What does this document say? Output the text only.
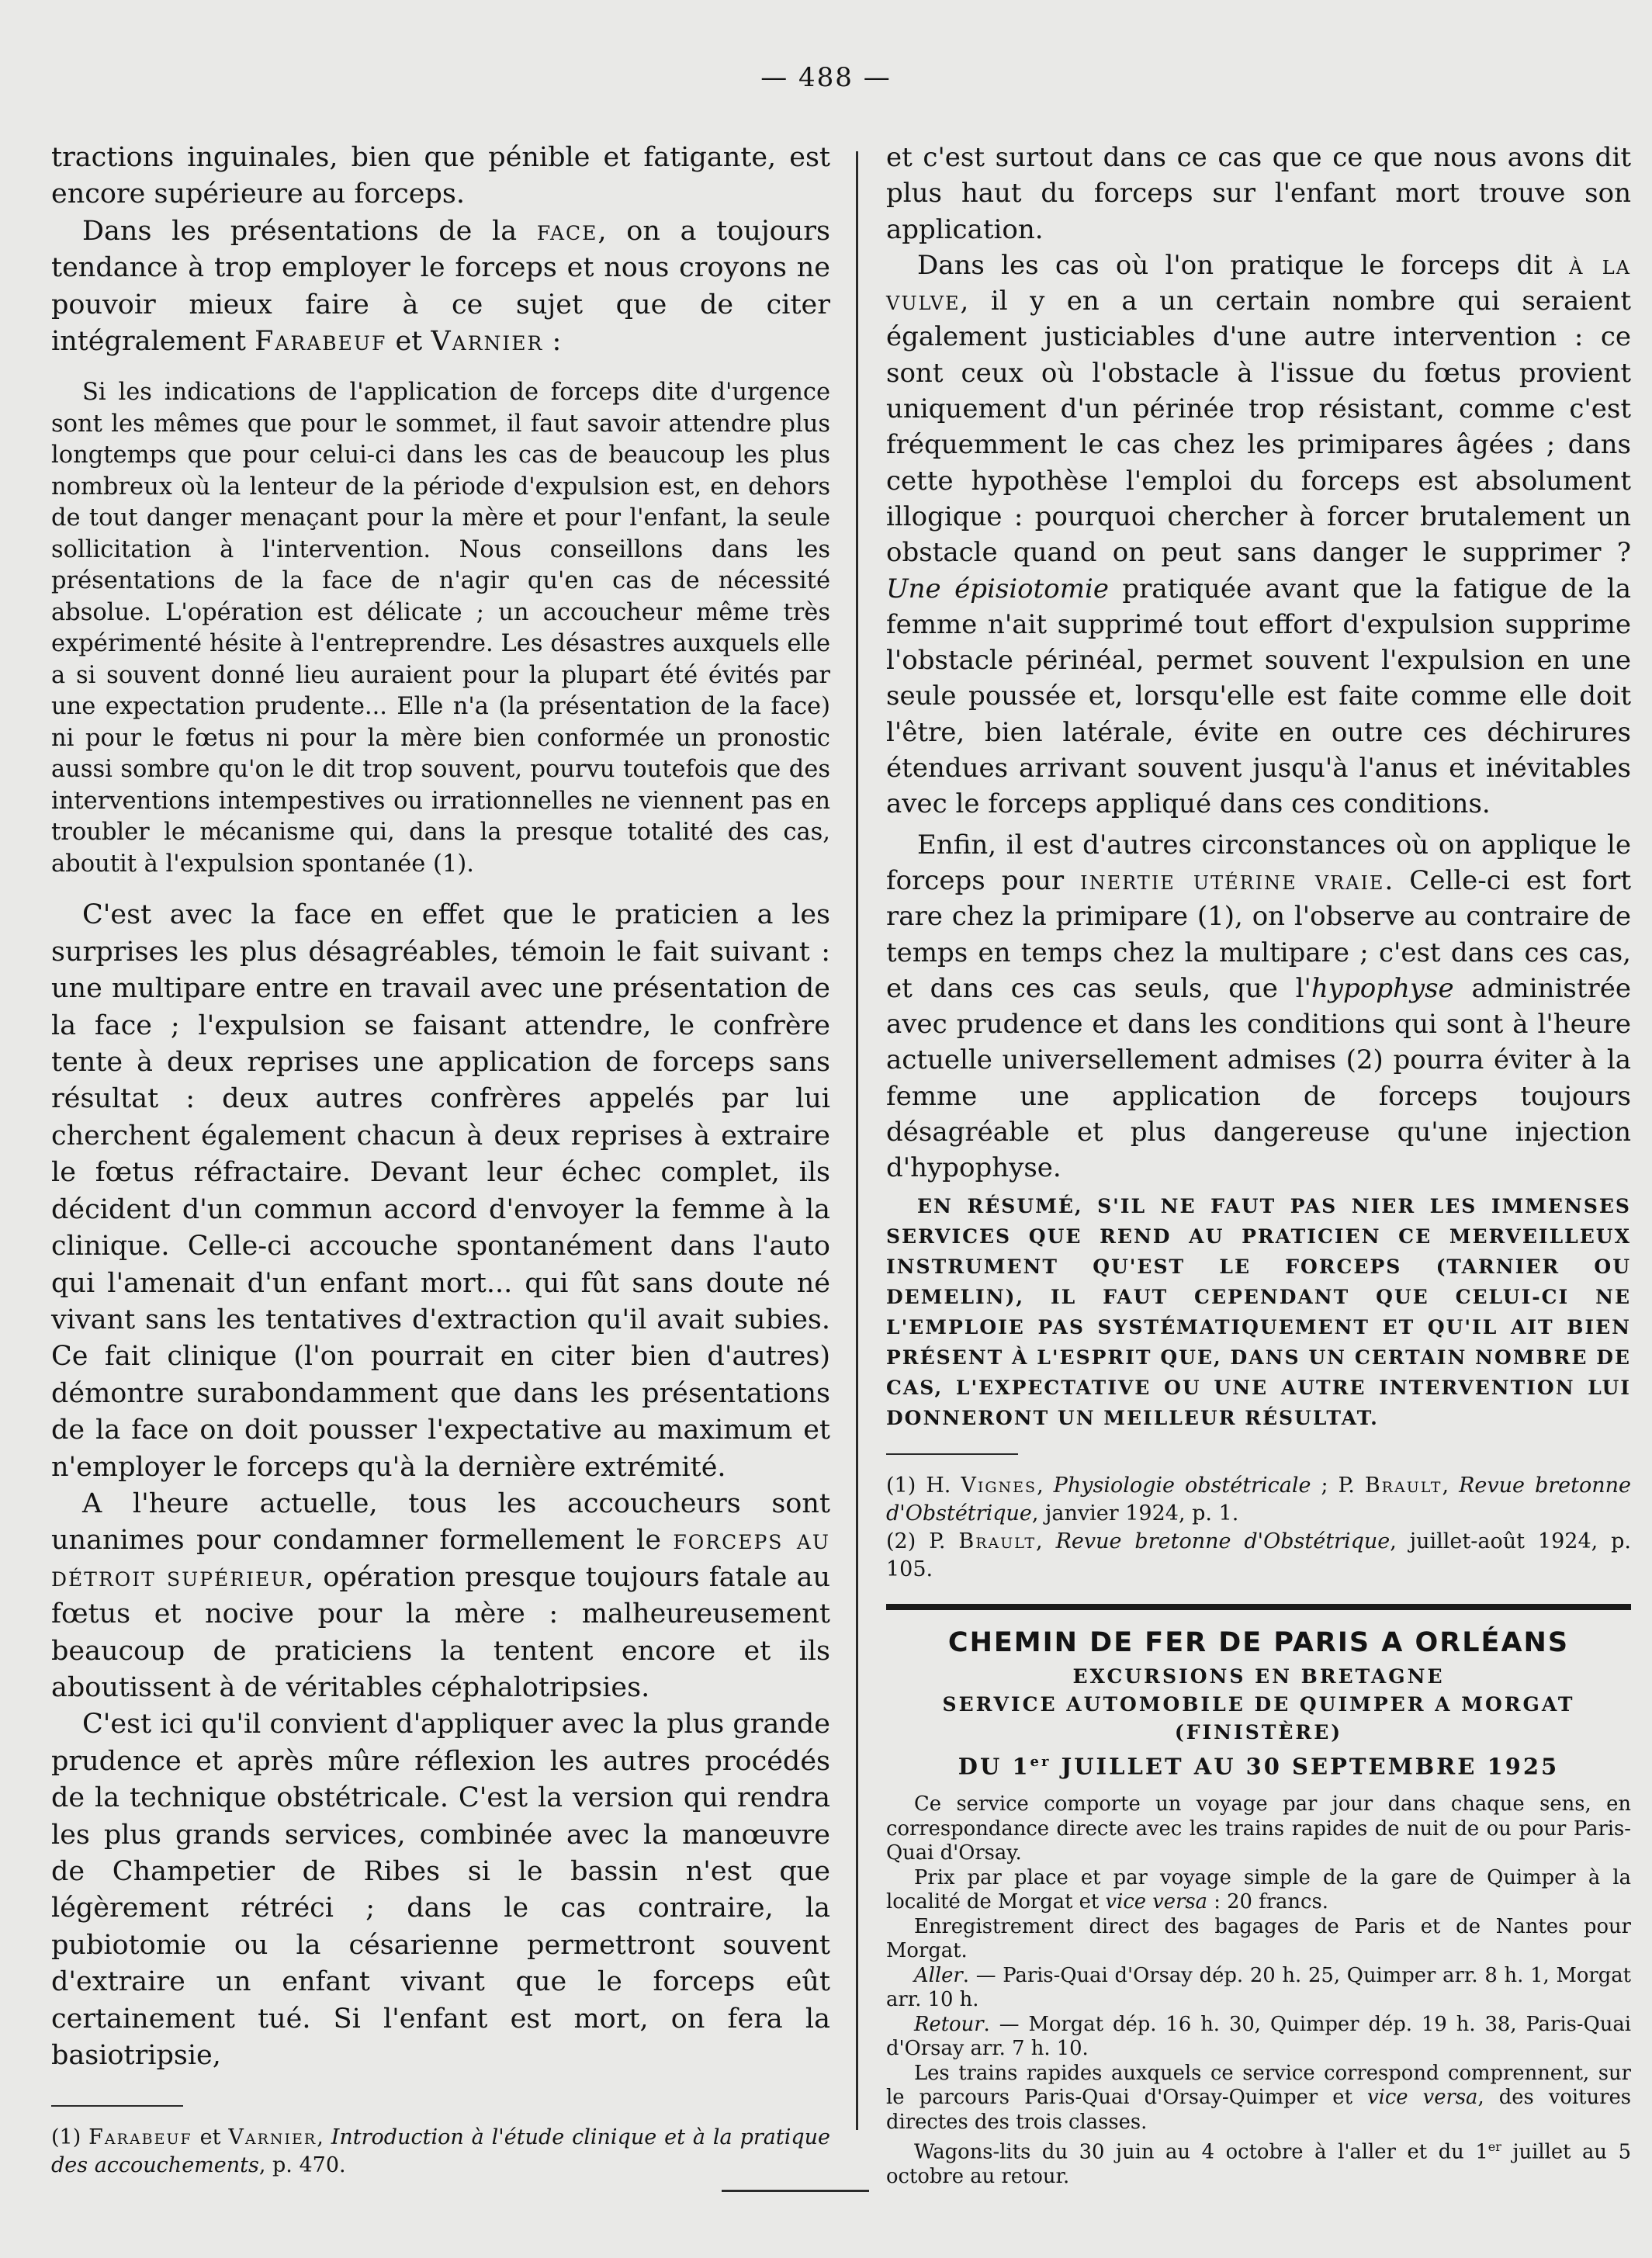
— 488 —

tractions inguinales, bien que pénible et fatigante, est encore supérieure au forceps.

Dans les présentations de la face, on a toujours tendance à trop employer le forceps et nous croyons ne pouvoir mieux faire à ce sujet que de citer intégralement Farabeuf et Varnier :

Si les indications de l'application de forceps dite d'urgence sont les mêmes que pour le sommet, il faut savoir attendre plus longtemps que pour celui-ci dans les cas de beaucoup les plus nombreux où la lenteur de la période d'expulsion est, en dehors de tout danger menaçant pour la mère et pour l'enfant, la seule sollicitation à l'intervention. Nous conseillons dans les présentations de la face de n'agir qu'en cas de nécessité absolue. L'opération est délicate ; un accoucheur même très expérimenté hésite à l'entreprendre. Les désastres auxquels elle a si souvent donné lieu auraient pour la plupart été évités par une expectation prudente... Elle n'a (la présentation de la face) ni pour le fœtus ni pour la mère bien conformée un pronostic aussi sombre qu'on le dit trop souvent, pourvu toutefois que des interventions intempestives ou irrationnelles ne viennent pas en troubler le mécanisme qui, dans la presque totalité des cas, aboutit à l'expulsion spontanée (1).

C'est avec la face en effet que le praticien a les surprises les plus désagréables, témoin le fait suivant : une multipare entre en travail avec une présentation de la face ; l'expulsion se faisant attendre, le confrère tente à deux reprises une application de forceps sans résultat : deux autres confrères appelés par lui cherchent également chacun à deux reprises à extraire le fœtus réfractaire. Devant leur échec complet, ils décident d'un commun accord d'envoyer la femme à la clinique. Celle-ci accouche spontanément dans l'auto qui l'amenait d'un enfant mort... qui fût sans doute né vivant sans les tentatives d'extraction qu'il avait subies. Ce fait clinique (l'on pourrait en citer bien d'autres) démontre surabondamment que dans les présentations de la face on doit pousser l'expectative au maximum et n'employer le forceps qu'à la dernière extrémité.

A l'heure actuelle, tous les accoucheurs sont unanimes pour condamner formellement le forceps au détroit supérieur, opération presque toujours fatale au fœtus et nocive pour la mère : malheureusement beaucoup de praticiens la tentent encore et ils aboutissent à de véritables céphalotripsies.

C'est ici qu'il convient d'appliquer avec la plus grande prudence et après mûre réflexion les autres procédés de la technique obstétricale. C'est la version qui rendra les plus grands services, combinée avec la manœuvre de Champetier de Ribes si le bassin n'est que légèrement rétréci ; dans le cas contraire, la pubiotomie ou la césarienne permettront souvent d'extraire un enfant vivant que le forceps eût certainement tué. Si l'enfant est mort, on fera la basiotripsie,

(1) Farabeuf et Varnier, Introduction à l'étude clinique et à la pratique des accouchements, p. 470.

et c'est surtout dans ce cas que ce que nous avons dit plus haut du forceps sur l'enfant mort trouve son application.

Dans les cas où l'on pratique le forceps dit à la vulve, il y en a un certain nombre qui seraient également justiciables d'une autre intervention : ce sont ceux où l'obstacle à l'issue du fœtus provient uniquement d'un périnée trop résistant, comme c'est fréquemment le cas chez les primipares âgées ; dans cette hypothèse l'emploi du forceps est absolument illogique : pourquoi chercher à forcer brutalement un obstacle quand on peut sans danger le supprimer ? Une épisiotomie pratiquée avant que la fatigue de la femme n'ait supprimé tout effort d'expulsion supprime l'obstacle périnéal, permet souvent l'expulsion en une seule poussée et, lorsqu'elle est faite comme elle doit l'être, bien latérale, évite en outre ces déchirures étendues arrivant souvent jusqu'à l'anus et inévitables avec le forceps appliqué dans ces conditions.

Enfin, il est d'autres circonstances où on applique le forceps pour inertie utérine vraie. Celle-ci est fort rare chez la primipare (1), on l'observe au contraire de temps en temps chez la multipare ; c'est dans ces cas, et dans ces cas seuls, que l'hypophyse administrée avec prudence et dans les conditions qui sont à l'heure actuelle universellement admises (2) pourra éviter à la femme une application de forceps toujours désagréable et plus dangereuse qu'une injection d'hypophyse.

EN RÉSUMÉ, S'IL NE FAUT PAS NIER LES IMMENSES SERVICES QUE REND AU PRATICIEN CE MERVEILLEUX INSTRUMENT QU'EST LE FORCEPS (TARNIER OU DEMELIN), IL FAUT CEPENDANT QUE CELUI-CI NE L'EMPLOIE PAS SYSTÉMATIQUEMENT ET QU'IL AIT BIEN PRÉSENT À L'ESPRIT QUE, DANS UN CERTAIN NOMBRE DE CAS, L'EXPECTATIVE OU UNE AUTRE INTERVENTION LUI DONNERONT UN MEILLEUR RÉSULTAT.

(1) H. Vignes, Physiologie obstétricale ; P. Brault, Revue bretonne d'Obstétrique, janvier 1924, p. 1.

(2) P. Brault, Revue bretonne d'Obstétrique, juillet-août 1924, p. 105.

CHEMIN DE FER DE PARIS A ORLÉANS
EXCURSIONS EN BRETAGNE
SERVICE AUTOMOBILE DE QUIMPER A MORGAT (FINISTÈRE)
DU 1er JUILLET AU 30 SEPTEMBRE 1925

Ce service comporte un voyage par jour dans chaque sens, en correspondance directe avec les trains rapides de nuit de ou pour Paris-Quai d'Orsay.

Prix par place et par voyage simple de la gare de Quimper à la localité de Morgat et vice versa : 20 francs.

Enregistrement direct des bagages de Paris et de Nantes pour Morgat.

Aller. — Paris-Quai d'Orsay dép. 20 h. 25, Quimper arr. 8 h. 1, Morgat arr. 10 h.

Retour. — Morgat dép. 16 h. 30, Quimper dép. 19 h. 38, Paris-Quai d'Orsay arr. 7 h. 10.

Les trains rapides auxquels ce service correspond comprennent, sur le parcours Paris-Quai d'Orsay-Quimper et vice versa, des voitures directes des trois classes.

Wagons-lits du 30 juin au 4 octobre à l'aller et du 1er juillet au 5 octobre au retour.
